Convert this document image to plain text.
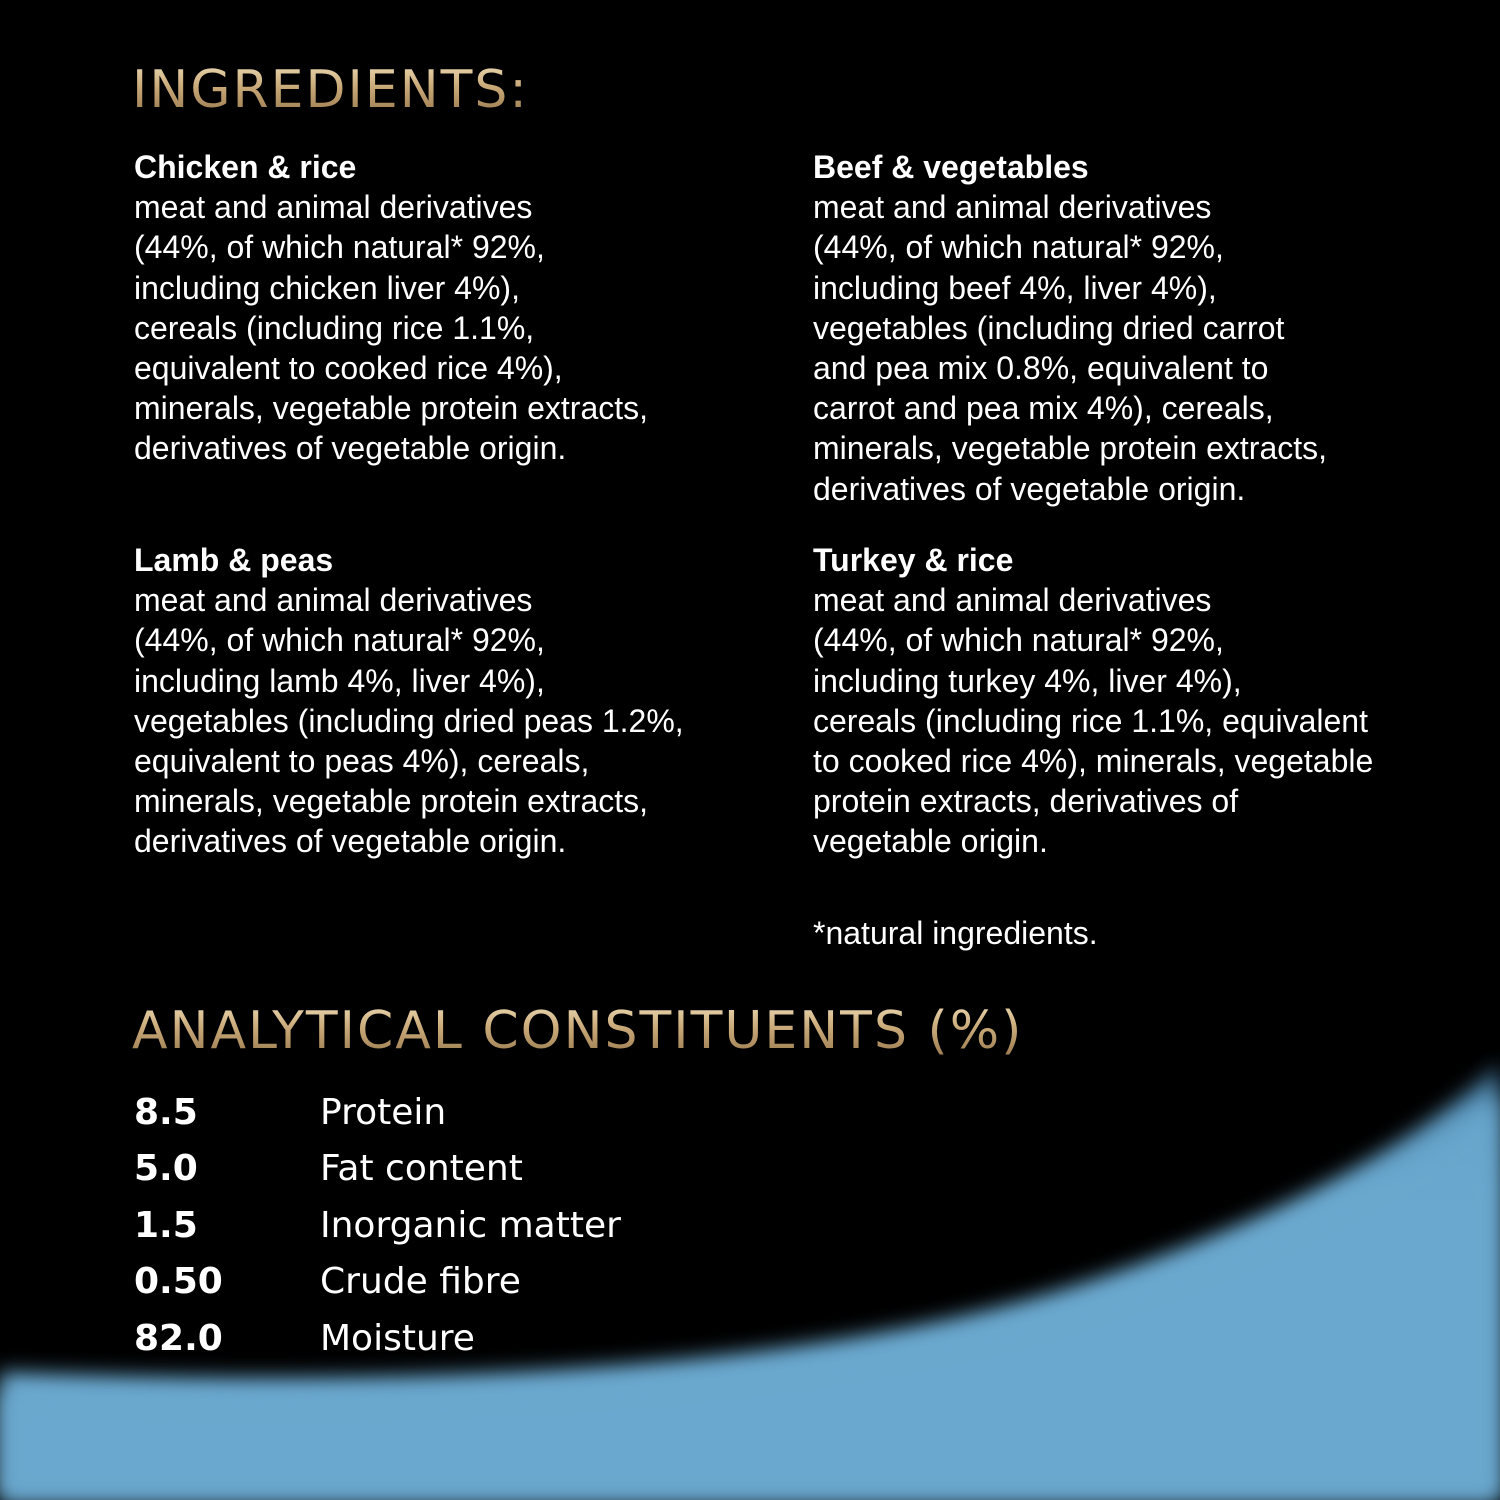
INGREDIENTS:
Chicken & rice
meat and animal derivatives
(44%, of which natural* 92%,
including chicken liver 4%),
cereals (including rice 1.1%,
equivalent to cooked rice 4%),
minerals, vegetable protein extracts,
derivatives of vegetable origin.
Beef & vegetables
meat and animal derivatives
(44%, of which natural* 92%,
including beef 4%, liver 4%),
vegetables (including dried carrot
and pea mix 0.8%, equivalent to
carrot and pea mix 4%), cereals,
minerals, vegetable protein extracts,
derivatives of vegetable origin.
Lamb & peas
meat and animal derivatives
(44%, of which natural* 92%,
including lamb 4%, liver 4%),
vegetables (including dried peas 1.2%,
equivalent to peas 4%), cereals,
minerals, vegetable protein extracts,
derivatives of vegetable origin.
Turkey & rice
meat and animal derivatives
(44%, of which natural* 92%,
including turkey 4%, liver 4%),
cereals (including rice 1.1%, equivalent
to cooked rice 4%), minerals, vegetable
protein extracts, derivatives of
vegetable origin.
*natural ingredients.
ANALYTICAL CONSTITUENTS (%)
8.5	Protein
5.0	Fat content
1.5	Inorganic matter
0.50	Crude fibre
82.0	Moisture
